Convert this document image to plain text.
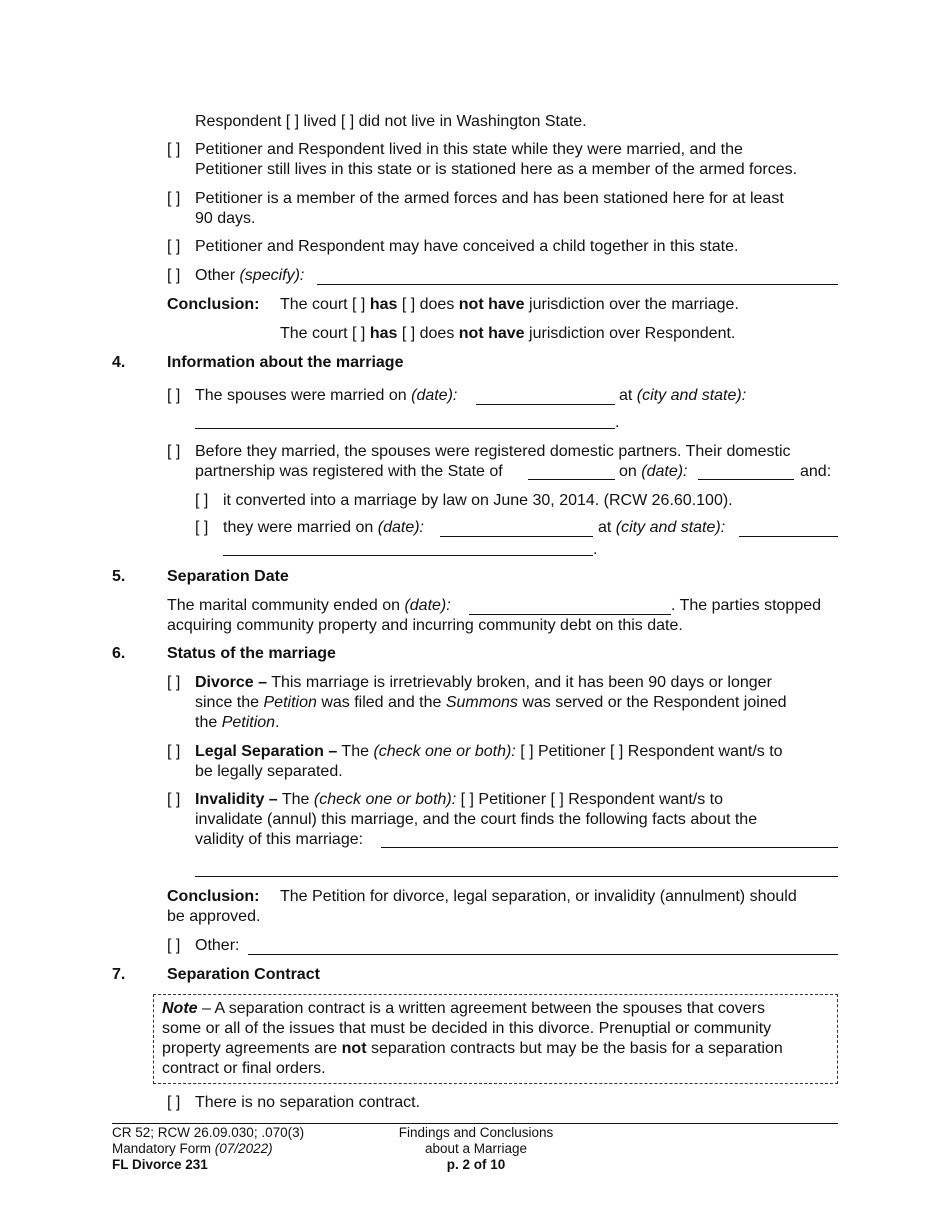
Respondent [ ] lived [ ] did not live in Washington State.
[ ] Petitioner and Respondent lived in this state while they were married, and the
Petitioner still lives in this state or is stationed here as a member of the armed forces.
[ ] Petitioner is a member of the armed forces and has been stationed here for at least
90 days.
[ ] Petitioner and Respondent may have conceived a child together in this state.
[ ] Other (specify):
Conclusion: The court [ ] has [ ] does not have jurisdiction over the marriage.
The court [ ] has [ ] does not have jurisdiction over Respondent.
4.	Information about the marriage
[ ] The spouses were married on (date):	at (city and state):
.
[ ] Before they married, the spouses were registered domestic partners. Their domestic
partnership was registered with the State of	on (date):	and:
[ ] it converted into a marriage by law on June 30, 2014. (RCW 26.60.100).
[ ] they were married on (date):	at (city and state):
.
5.	Separation Date
The marital community ended on (date):	. The parties stopped
acquiring community property and incurring community debt on this date.
6.	Status of the marriage
[ ] Divorce – This marriage is irretrievably broken, and it has been 90 days or longer
since the Petition was filed and the Summons was served or the Respondent joined
the Petition.
[ ] Legal Separation – The (check one or both): [ ] Petitioner [ ] Respondent want/s to
be legally separated.
[ ] Invalidity – The (check one or both): [ ] Petitioner [ ] Respondent want/s to
invalidate (annul) this marriage, and the court finds the following facts about the
validity of this marriage:
Conclusion: The Petition for divorce, legal separation, or invalidity (annulment) should
be approved.
[ ] Other:
7.	Separation Contract
Note – A separation contract is a written agreement between the spouses that covers
some or all of the issues that must be decided in this divorce. Prenuptial or community
property agreements are not separation contracts but may be the basis for a separation
contract or final orders.
[ ] There is no separation contract.
CR 52; RCW 26.09.030; .070(3)
Mandatory Form (07/2022)
FL Divorce 231
Findings and Conclusions
about a Marriage
p. 2 of 10
